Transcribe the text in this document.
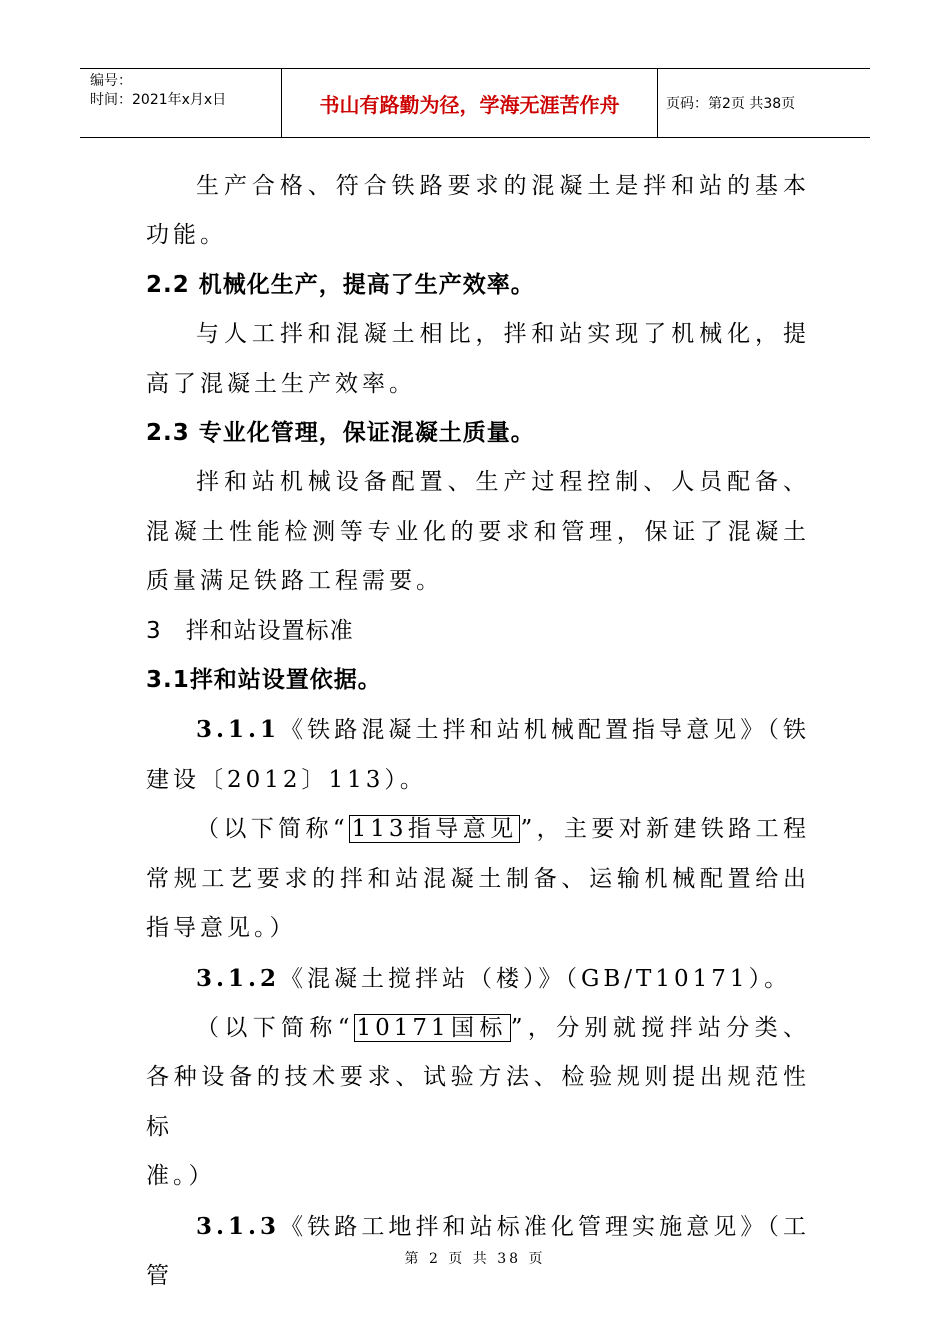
编号：
时间：2021年x月x日	书山有路勤为径，学海无涯苦作舟	页码：第2页 共38页

生产合格、符合铁路要求的混凝土是拌和站的基本功能。

2.2 机械化生产，提高了生产效率。

与人工拌和混凝土相比，拌和站实现了机械化，提高了混凝土生产效率。

2.3 专业化管理，保证混凝土质量。

拌和站机械设备配置、生产过程控制、人员配备、混凝土性能检测等专业化的要求和管理，保证了混凝土质量满足铁路工程需要。

3　拌和站设置标准

3.1拌和站设置依据。

3.1.1《铁路混凝土拌和站机械配置指导意见》（铁建设〔2012〕113）。

（以下简称“ 113指导意见 ”，主要对新建铁路工程常规工艺要求的拌和站混凝土制备、运输机械配置给出指导意见。）

3.1.2《混凝土搅拌站（楼）》（GB/T10171）。

（以下简称“ 10171国标 ”，分别就搅拌站分类、各种设备的技术要求、试验方法、检验规则提出规范性标

准。）

3.1.3《铁路工地拌和站标准化管理实施意见》（工管

第 2 页 共 38 页
